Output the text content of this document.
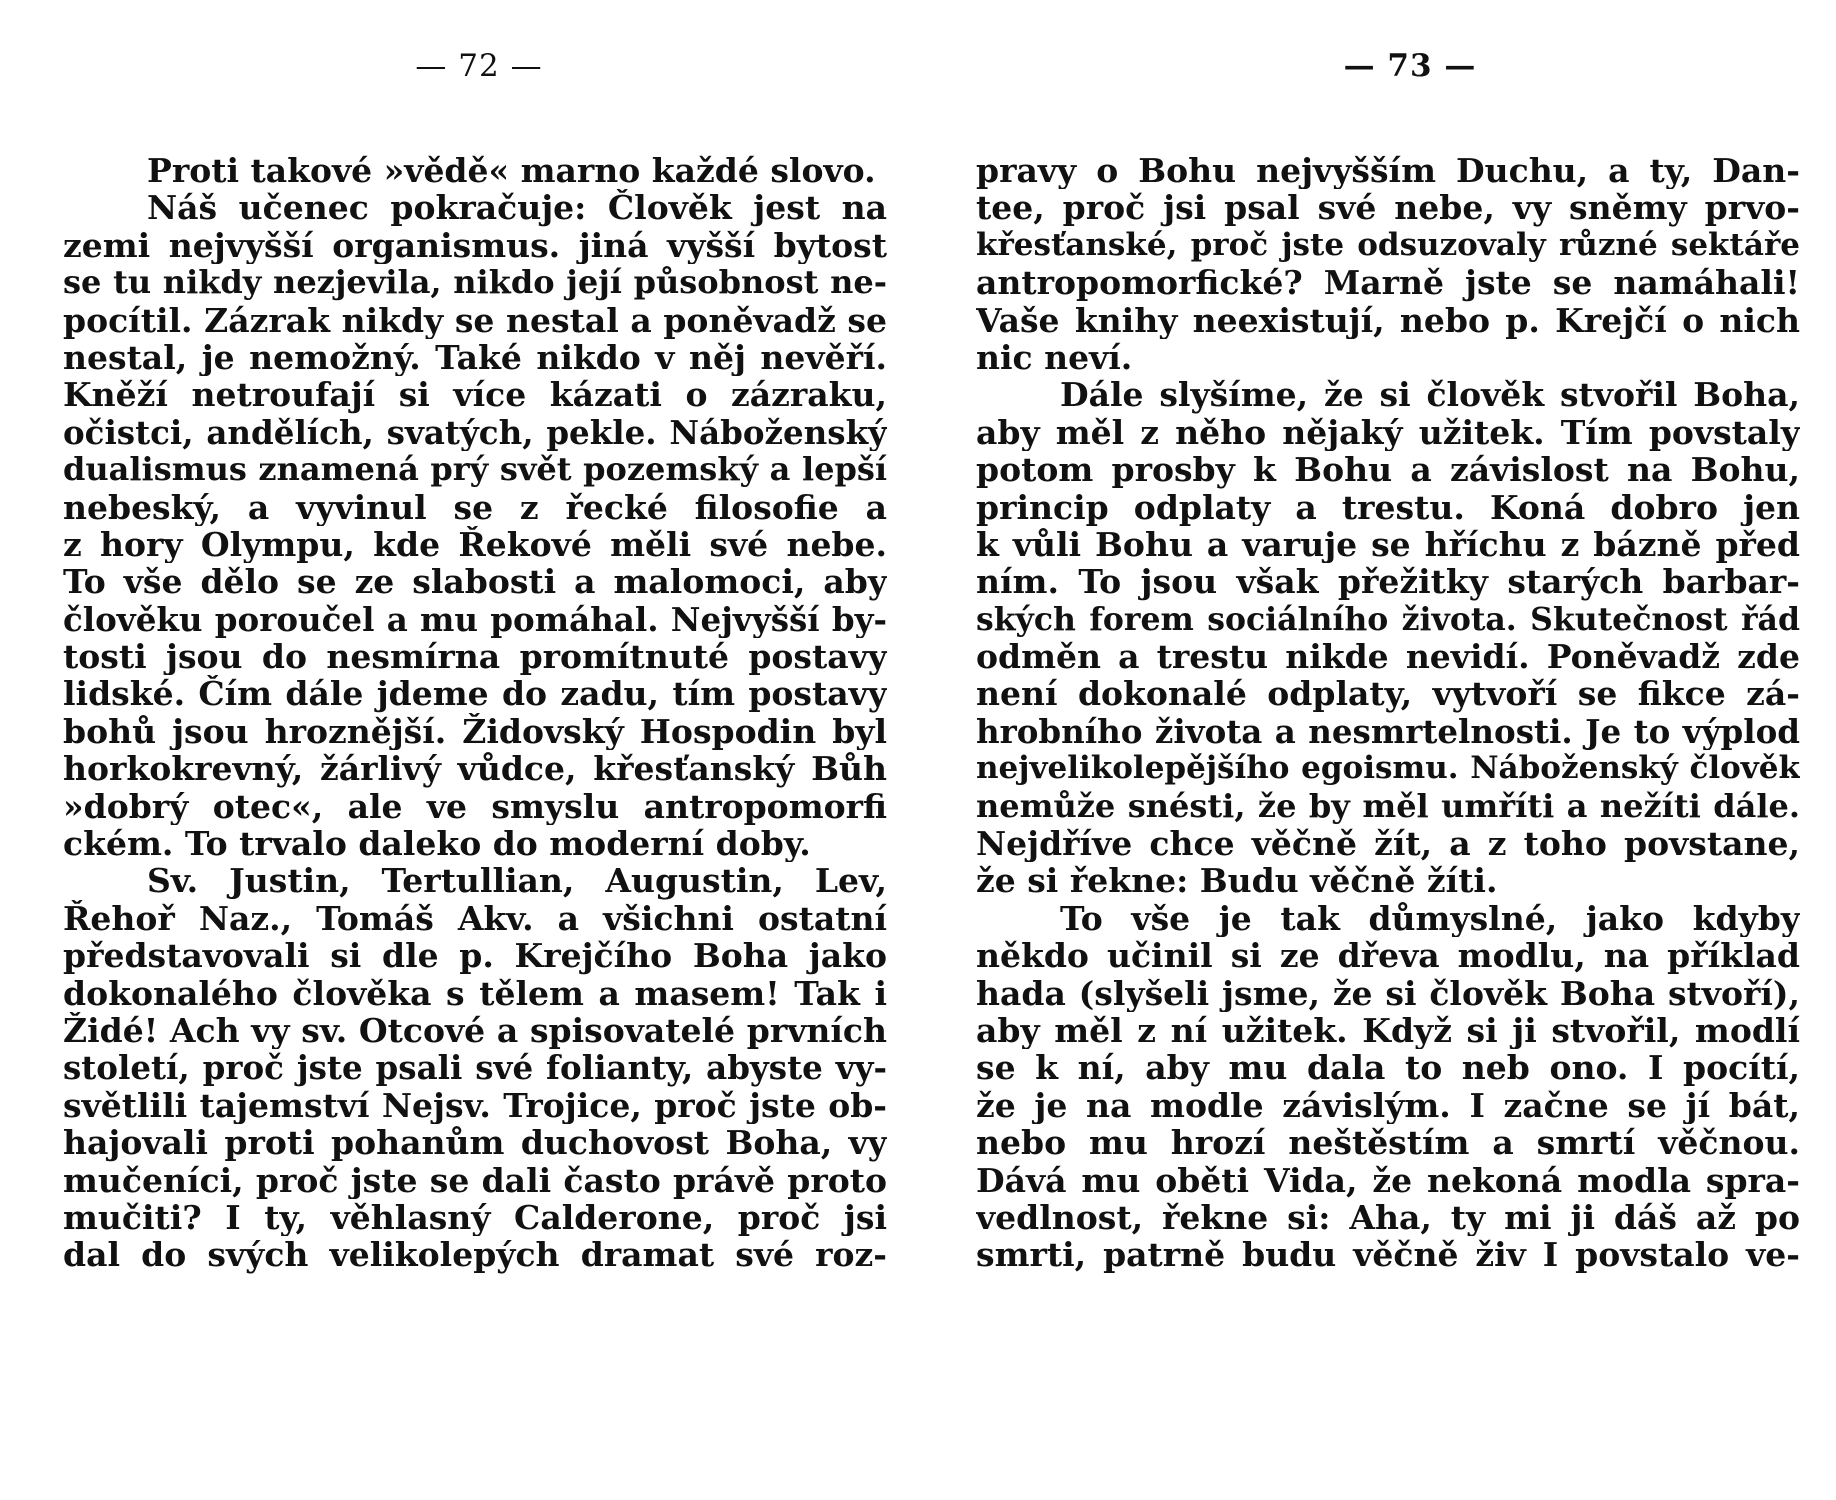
— 72 —
Proti takové »vědě« marno každé slovo.
Náš učenec pokračuje: Člověk jest na
zemi nejvyšší organismus. jiná vyšší bytost
se tu nikdy nezjevila, nikdo její působnost ne-
pocítil. Zázrak nikdy se nestal a poněvadž se
nestal, je nemožný. Také nikdo v něj nevěří.
Kněží netroufají si více kázati o zázraku,
očistci, andělích, svatých, pekle. Náboženský
dualismus znamená prý svět pozemský a lepší
nebeský, a vyvinul se z řecké filosofie a
z hory Olympu, kde Řekové měli své nebe.
To vše dělo se ze slabosti a malomoci, aby
člověku poroučel a mu pomáhal. Nejvyšší by-
tosti jsou do nesmírna promítnuté postavy
lidské. Čím dále jdeme do zadu, tím postavy
bohů jsou hroznější. Židovský Hospodin byl
horkokrevný, žárlivý vůdce, křesťanský Bůh
»dobrý otec«, ale ve smyslu antropomorfi
ckém. To trvalo daleko do moderní doby.
Sv. Justin, Tertullian, Augustin, Lev,
Řehoř Naz., Tomáš Akv. a všichni ostatní
představovali si dle p. Krejčího Boha jako
dokonalého člověka s tělem a masem! Tak i
Židé! Ach vy sv. Otcové a spisovatelé prvních
století, proč jste psali své folianty, abyste vy-
světlili tajemství Nejsv. Trojice, proč jste ob-
hajovali proti pohanům duchovost Boha, vy
mučeníci, proč jste se dali často právě proto
mučiti? I ty, věhlasný Calderone, proč jsi
dal do svých velikolepých dramat své roz-
— 73 —
pravy o Bohu nejvyšším Duchu, a ty, Dan-
tee, proč jsi psal své nebe, vy sněmy prvo-
křesťanské, proč jste odsuzovaly různé sektáře
antropomorfické? Marně jste se namáhali!
Vaše knihy neexistují, nebo p. Krejčí o nich
nic neví.
Dále slyšíme, že si člověk stvořil Boha,
aby měl z něho nějaký užitek. Tím povstaly
potom prosby k Bohu a závislost na Bohu,
princip odplaty a trestu. Koná dobro jen
k vůli Bohu a varuje se hříchu z bázně před
ním. To jsou však přežitky starých barbar-
ských forem sociálního života. Skutečnost řád
odměn a trestu nikde nevidí. Poněvadž zde
není dokonalé odplaty, vytvoří se fikce zá-
hrobního života a nesmrtelnosti. Je to výplod
nejvelikolepějšího egoismu. Náboženský člověk
nemůže snésti, že by měl umříti a nežíti dále.
Nejdříve chce věčně žít, a z toho povstane,
že si řekne: Budu věčně žíti.
To vše je tak důmyslné, jako kdyby
někdo učinil si ze dřeva modlu, na příklad
hada (slyšeli jsme, že si člověk Boha stvoří),
aby měl z ní užitek. Když si ji stvořil, modlí
se k ní, aby mu dala to neb ono. I pocítí,
že je na modle závislým. I začne se jí bát,
nebo mu hrozí neštěstím a smrtí věčnou.
Dává mu oběti Vida, že nekoná modla spra-
vedlnost, řekne si: Aha, ty mi ji dáš až po
smrti, patrně budu věčně živ I povstalo ve-
